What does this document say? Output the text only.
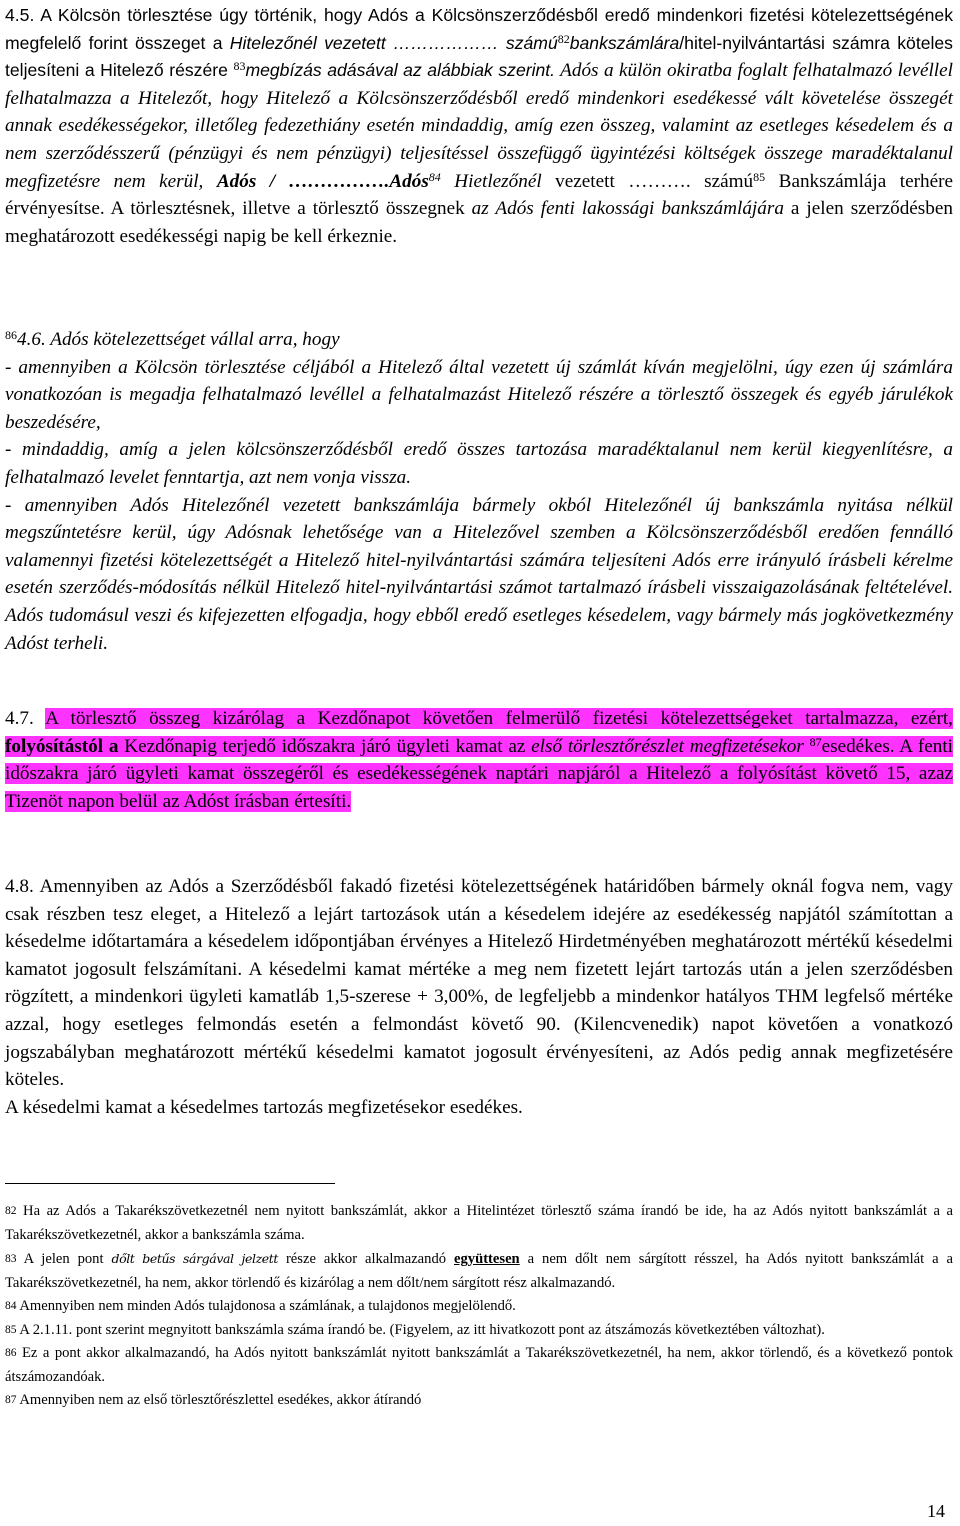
4.5. A Kölcsön törlesztése úgy történik, hogy Adós a Kölcsönszerződésből eredő mindenkori fizetési kötelezettségének megfelelő forint összeget a Hitelezőnél vezetett ……………… számú$^{82}$bankszámlára/hitel-nyilvántartási számra köteles teljesíteni a Hitelező részére $^{83}$megbízás adásával az alábbiak szerint. Adós a külön okiratba foglalt felhatalmazó levéllel felhatalmazza a Hitelezőt, hogy Hitelező a Kölcsönszerződésből eredő mindenkori esedékessé vált követelése összegét annak esedékességekor, illetőleg fedezethiány esetén mindaddig, amíg ezen összeg, valamint az esetleges késedelem és a nem szerződésszerű (pénzügyi és nem pénzügyi) teljesítéssel összefüggő ügyintézési költségek összege maradéktalanul megfizetésre nem kerül, Adós / …………….Adós$^{84}$ Hietlezőnél vezetett ………. számú$^{85}$ Bankszámlája terhére érvényesítse. A törlesztésnek, illetve a törlesztő összegnek az Adós fenti lakossági bankszámlájára a jelen szerződésben meghatározott esedékességi napig be kell érkeznie.

$^{86}$4.6. Adós kötelezettséget vállal arra, hogy
- amennyiben a Kölcsön törlesztése céljából a Hitelező által vezetett új számlát kíván megjelölni, úgy ezen új számlára vonatkozóan is megadja felhatalmazó levéllel a felhatalmazást Hitelező részére a törlesztő összegek és egyéb járulékok beszedésére,
- mindaddig, amíg a jelen kölcsönszerződésből eredő összes tartozása maradéktalanul nem kerül kiegyenlítésre, a felhatalmazó levelet fenntartja, azt nem vonja vissza.
- amennyiben Adós Hitelezőnél vezetett bankszámlája bármely okból Hitelezőnél új bankszámla nyitása nélkül megszűntetésre kerül, úgy Adósnak lehetősége van a Hitelezővel szemben a Kölcsönszerződésből eredően fennálló valamennyi fizetési kötelezettségét a Hitelező hitel-nyilvántartási számára teljesíteni Adós erre irányuló írásbeli kérelme esetén szerződés-módosítás nélkül Hitelező hitel-nyilvántartási számot tartalmazó írásbeli visszaigazolásának feltételével. Adós tudomásul veszi és kifejezetten elfogadja, hogy ebből eredő esetleges késedelem, vagy bármely más jogkövetkezmény Adóst terheli.

4.7. A törlesztő összeg kizárólag a Kezdőnapot követően felmerülő fizetési kötelezettségeket tartalmazza, ezért, folyósítástól a Kezdőnapig terjedő időszakra járó ügyleti kamat az első törlesztőrészlet megfizetésekor $^{87}$esedékes. A fenti időszakra járó ügyleti kamat összegéről és esedékességének naptári napjáról a Hitelező a folyósítást követő 15, azaz Tizenöt napon belül az Adóst írásban értesíti.

4.8. Amennyiben az Adós a Szerződésből fakadó fizetési kötelezettségének határidőben bármely oknál fogva nem, vagy csak részben tesz eleget, a Hitelező a lejárt tartozások után a késedelem idejére az esedékesség napjától számítottan a késedelme időtartamára a késedelem időpontjában érvényes a Hitelező Hirdetményében meghatározott mértékű késedelmi kamatot jogosult felszámítani. A késedelmi kamat mértéke a meg nem fizetett lejárt tartozás után a jelen szerződésben rögzített, a mindenkori ügyleti kamatláb 1,5-szerese + 3,00%, de legfeljebb a mindenkor hatályos THM legfelső mértéke azzal, hogy esetleges felmondás esetén a felmondást követő 90. (Kilencvenedik) napot követően a vonatkozó jogszabályban meghatározott mértékű késedelmi kamatot jogosult érvényesíteni, az Adós pedig annak megfizetésére köteles.
A késedelmi kamat a késedelmes tartozás megfizetésekor esedékes.

82 Ha az Adós a Takarékszövetkezetnél nem nyitott bankszámlát, akkor a Hitelintézet törlesztő száma írandó be ide, ha az Adós nyitott bankszámlát a a Takarékszövetkezetnél, akkor a bankszámla száma.

83 A jelen pont dőlt betűs sárgával jelzett része akkor alkalmazandó együttesen a nem dőlt nem sárgított résszel, ha Adós nyitott bankszámlát a a Takarékszövetkezetnél, ha nem, akkor törlendő és kizárólag a nem dőlt/nem sárgított rész alkalmazandó.

84 Amennyiben nem minden Adós tulajdonosa a számlának, a tulajdonos megjelölendő.

85 A 2.1.11. pont szerint megnyitott bankszámla száma írandó be. (Figyelem, az itt hivatkozott pont az átszámozás következtében változhat).

86 Ez a pont akkor alkalmazandó, ha Adós nyitott bankszámlát nyitott bankszámlát a Takarékszövetkezetnél, ha nem, akkor törlendő, és a következő pontok átszámozandóak.

87 Amennyiben nem az első törlesztőrészlettel esedékes, akkor átírandó

14
